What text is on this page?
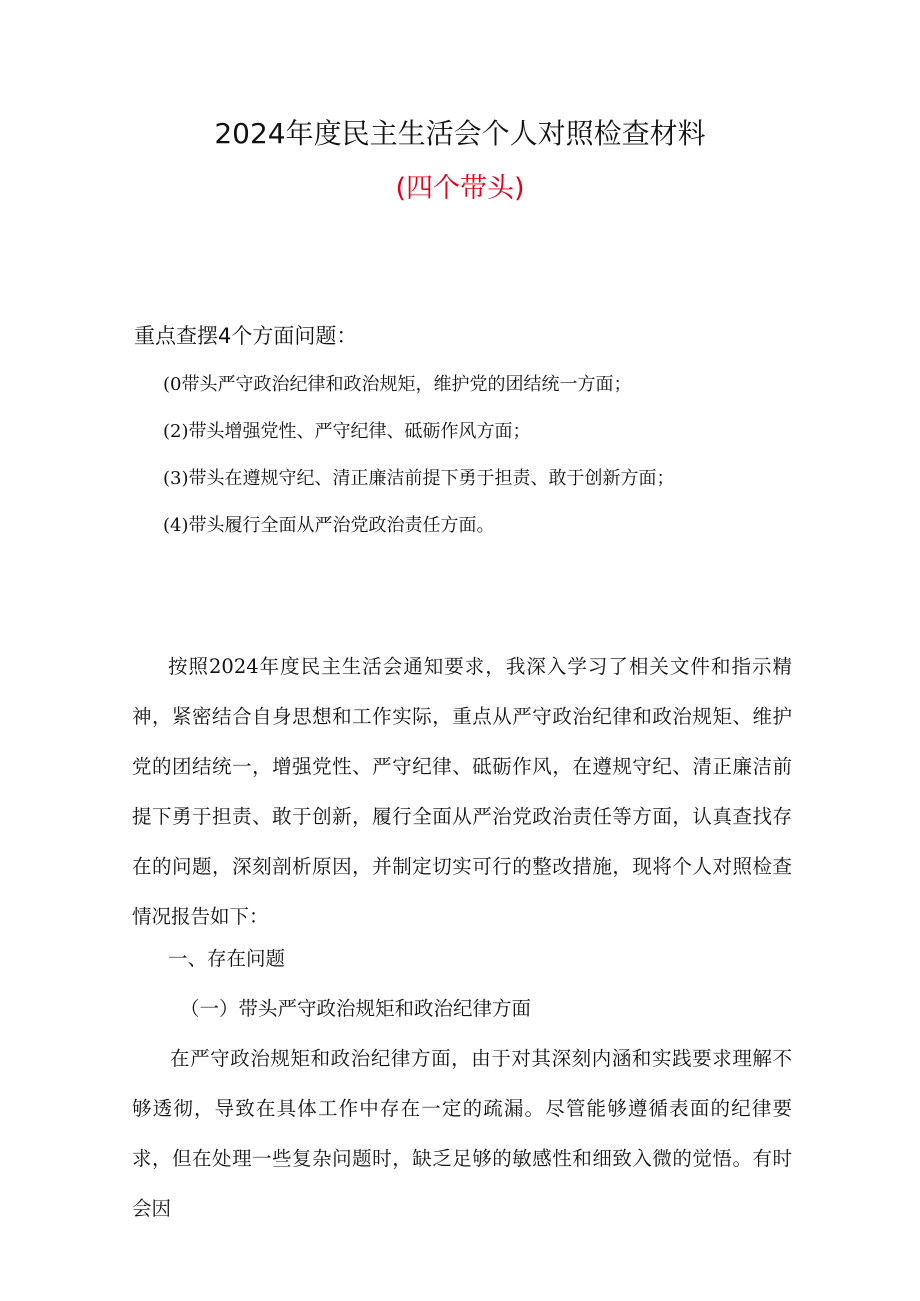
2024年度民主生活会个人对照检查材料
(四个带头)
重点查摆4个方面问题：
(0带头严守政治纪律和政治规矩，维护党的团结统一方面；
(2)带头增强党性、严守纪律、砥砺作风方面；
(3)带头在遵规守纪、清正廉洁前提下勇于担责、敢于创新方面；
(4)带头履行全面从严治党政治责任方面。

按照2024年度民主生活会通知要求，我深入学习了相关文件和指示精神，紧密结合自身思想和工作实际，重点从严守政治纪律和政治规矩、维护党的团结统一，增强党性、严守纪律、砥砺作风，在遵规守纪、清正廉洁前提下勇于担责、敢于创新，履行全面从严治党政治责任等方面，认真查找存在的问题，深刻剖析原因，并制定切实可行的整改措施，现将个人对照检查情况报告如下：

一、存在问题

（一）带头严守政治规矩和政治纪律方面

在严守政治规矩和政治纪律方面，由于对其深刻内涵和实践要求理解不够透彻，导致在具体工作中存在一定的疏漏。尽管能够遵循表面的纪律要求，但在处理一些复杂问题时，缺乏足够的敏感性和细致入微的觉悟。有时会因
